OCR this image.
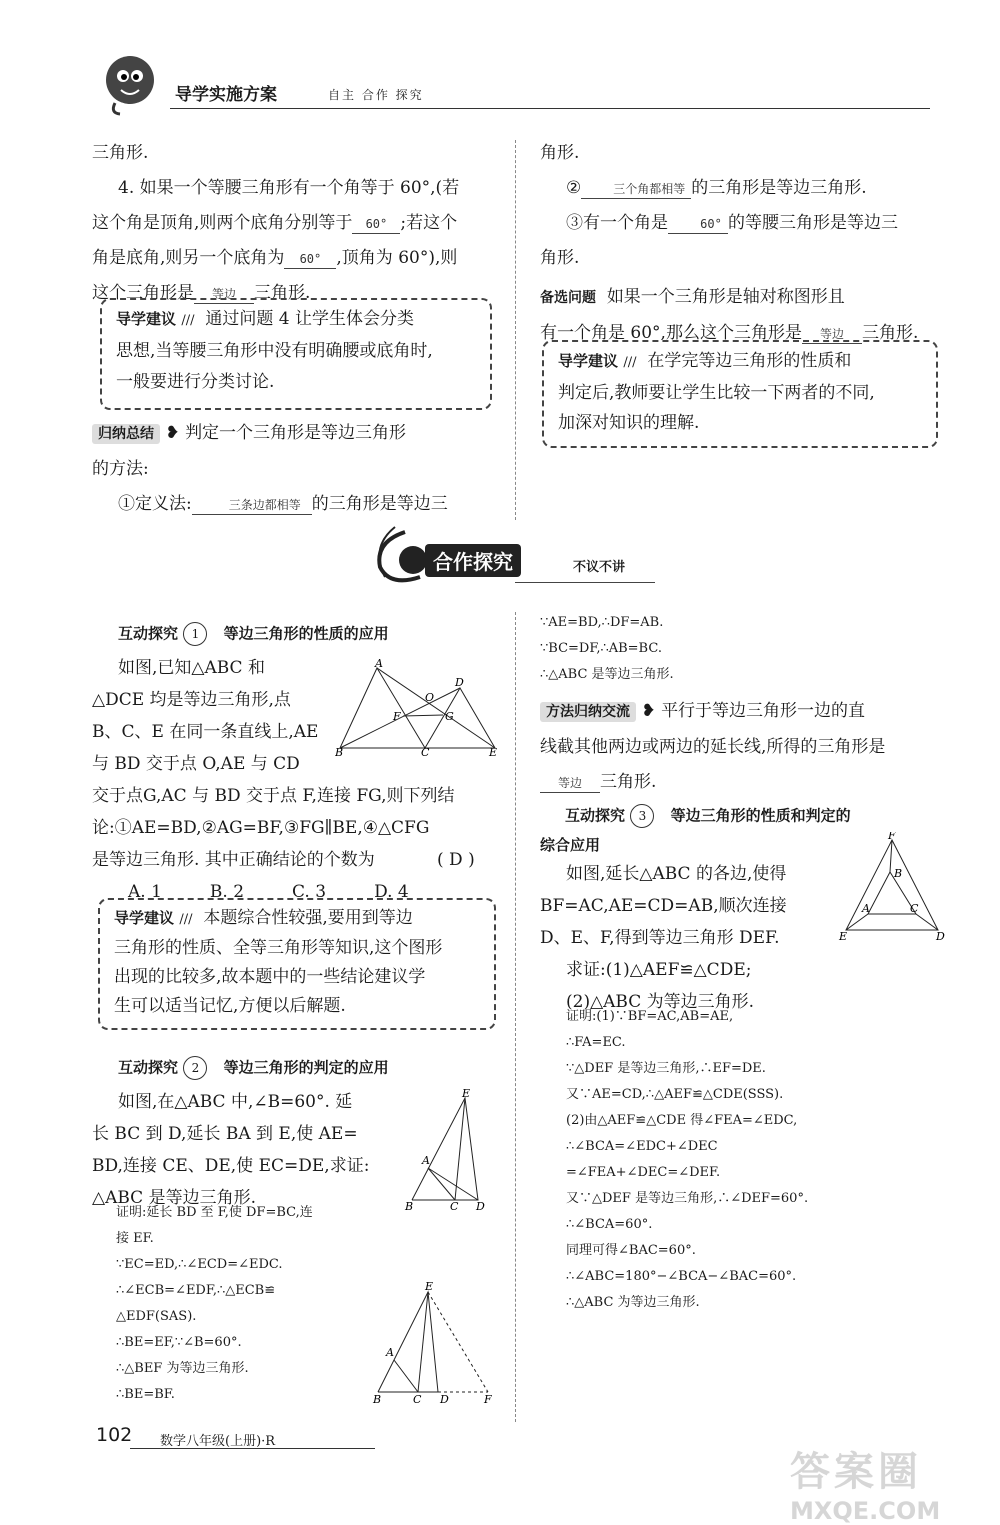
导学实施方案	自主 合作 探究
三角形.
4. 如果一个等腰三角形有一个角等于 60°,(若
这个角是顶角,则两个底角分别等于 60° ;若这个
角是底角,则另一个底角为 60° ,顶角为 60°),则
这个三角形是 等边 三角形.
导学建议 /// 通过问题 4 让学生体会分类
思想,当等腰三角形中没有明确腰或底角时,
一般要进行分类讨论.
归纳总结 ❥ 判定一个三角形是等边三角形
的方法:
①定义法:	三条边都相等 的三角形是等边三
角形.
②	三个角都相等 的三角形是等边三角形.
③有一个角是	60° 的等腰三角形是等边三
角形.
备选问题 如果一个三角形是轴对称图形且
有一个角是 60°,那么这个三角形是 等边 三角形.
导学建议 /// 在学完等边三角形的性质和
判定后,教师要让学生比较一下两者的不同,
加深对知识的理解.
合作探究	不议不讲
互动探究 1 等边三角形的性质的应用
如图,已知△ABC 和
△DCE 均是等边三角形,点
B、C、E 在同一条直线上,AE
与 BD 交于点 O,AE 与 CD
交于点G,AC 与 BD 交于点 F,连接 FG,则下列结
论:①AE=BD,②AG=BF,③FG∥BE,④△CFG
是等边三角形. 其中正确结论的个数为	( D )
A. 1	B. 2	C. 3	D. 4
B	C	E
A
D
O
F	G
导学建议 /// 本题综合性较强,要用到等边
三角形的性质、全等三角形等知识,这个图形
出现的比较多,故本题中的一些结论建议学
生可以适当记忆,方便以后解题.
互动探究 2 等边三角形的判定的应用
如图,在△ABC 中,∠B=60°. 延
长 BC 到 D,延长 BA 到 E,使 AE=
BD,连接 CE、DE,使 EC=DE,求证:
△ABC 是等边三角形.	B	C D
A
E
证明:延长 BD 至 F,使 DF=BC,连
接 EF.
∵EC=ED,∴∠ECD=∠EDC.
∴∠ECB=∠EDF,∴△ECB≌
△EDF(SAS).
∴BE=EF,∵∠B=60°.
∴△BEF 为等边三角形.
∴BE=BF.	B	C D	F
A
E
∵AE=BD,∴DF=AB.
∵BC=DF,∴AB=BC.
∴△ABC 是等边三角形.
方法归纳交流 ❥ 平行于等边三角形一边的直
线截其他两边或两边的延长线,所得的三角形是
等边 三角形.
互动探究 3 等边三角形的性质和判定的
综合应用
如图,延长△ABC 的各边,使得
BF=AC,AE=CD=AB,顺次连接
D、E、F,得到等边三角形 DEF.
求证:(1)△AEF≌△CDE;
(2)△ABC 为等边三角形.
E	D
F
A
B
C
证明:(1)∵BF=AC,AB=AE,
∴FA=EC.
∵△DEF 是等边三角形,∴EF=DE.
又∵AE=CD,∴△AEF≌△CDE(SSS).
(2)由△AEF≌△CDE 得∠FEA=∠EDC,
∴∠BCA=∠EDC+∠DEC
=∠FEA+∠DEC=∠DEF.
又∵△DEF 是等边三角形,∴∠DEF=60°.
∴∠BCA=60°.
同理可得∠BAC=60°.
∴∠ABC=180°−∠BCA−∠BAC=60°.
∴△ABC 为等边三角形.
102 数学八年级(上册)·R
答案圈
MXQE.COM
